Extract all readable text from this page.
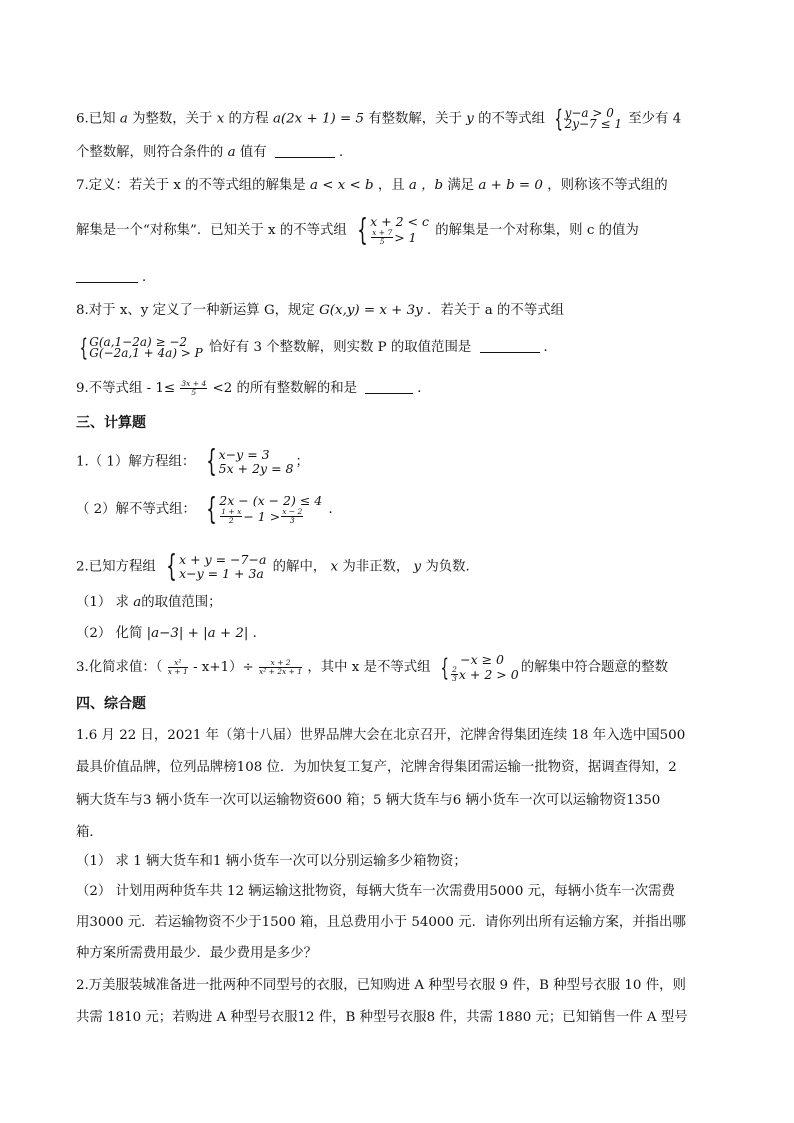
6.已知 a 为整数，关于 x 的方程 a(2x + 1) = 5 有整数解，关于 y 的不等式组 { y−a > 0
2y−7 ≤ 1 至少有 4
个整数解，则符合条件的 a 值有	.
7.定义：若关于 x 的不等式组的解集是 a < x < b ，且 a ，b 满足 a + b = 0 ，则称该不等式组的
解集是一个“对称集”．已知关于 x 的不等式组 { x + 2 < c
$\frac{x + 7}{5} > 1$ 的解集是一个对称集，则 c 的值为
．
8.对于 x、y 定义了一种新运算 G，规定 G(x,y) = x + 3y ．若关于 a 的不等式组
{ G(a,1−2a) ≥ −2
G(−2a,1 + 4a) > P 恰好有 3 个整数解，则实数 P 的取值范围是	．
9.不等式组 - $1\le \frac{3x + 4}{5} <2$ 的所有整数解的和是	．
三、计算题
1.（ 1）解方程组： { x−y = 3
5x + 2y = 8 ；
（ 2）解不等式组： { 2x − (x − 2) ≤ 4
$\frac{1 + x}{2} - 1 > \frac{x - 2}{3}$ ．
2.已知方程组 { x + y = −7−a
x−y = 1 + 3a 的解中， x 为非正数， y 为负数．
（1） 求 a的取值范围；
（2） 化简 |a−3| + |a + 2| ．
3.化简求值：（ $\frac{\text{x²}}{x + 1} - x+1)\div \frac{x + 2}{\text{x² + 2x + 1}}$ ，其中 x 是不等式组 { −x ≥ 0
$\frac{2}{3}$ x + 2 > 0 的解集中符合题意的整数
四、综合题
1.6 月 22 日，2021 年（第十八届）世界品牌大会在北京召开，沱牌舍得集团连续 18 年入选中国500
最具价值品牌，位列品牌榜108 位．为加快复工复产，沱牌舍得集团需运输一批物资，据调查得知，2
辆大货车与3 辆小货车一次可以运输物资600 箱；5 辆大货车与6 辆小货车一次可以运输物资1350
箱．
（1） 求 1 辆大货车和1 辆小货车一次可以分别运输多少箱物资；
（2） 计划用两种货车共 12 辆运输这批物资，每辆大货车一次需费用5000 元，每辆小货车一次需费
用3000 元．若运输物资不少于1500 箱，且总费用小于 54000 元．请你列出所有运输方案，并指出哪
种方案所需费用最少．最少费用是多少？
2.万美服装城准备进一批两种不同型号的衣服，已知购进 A 种型号衣服 9 件，B 种型号衣服 10 件，则
共需 1810 元；若购进 A 种型号衣服12 件，B 种型号衣服8 件，共需 1880 元；已知销售一件 A 型号
